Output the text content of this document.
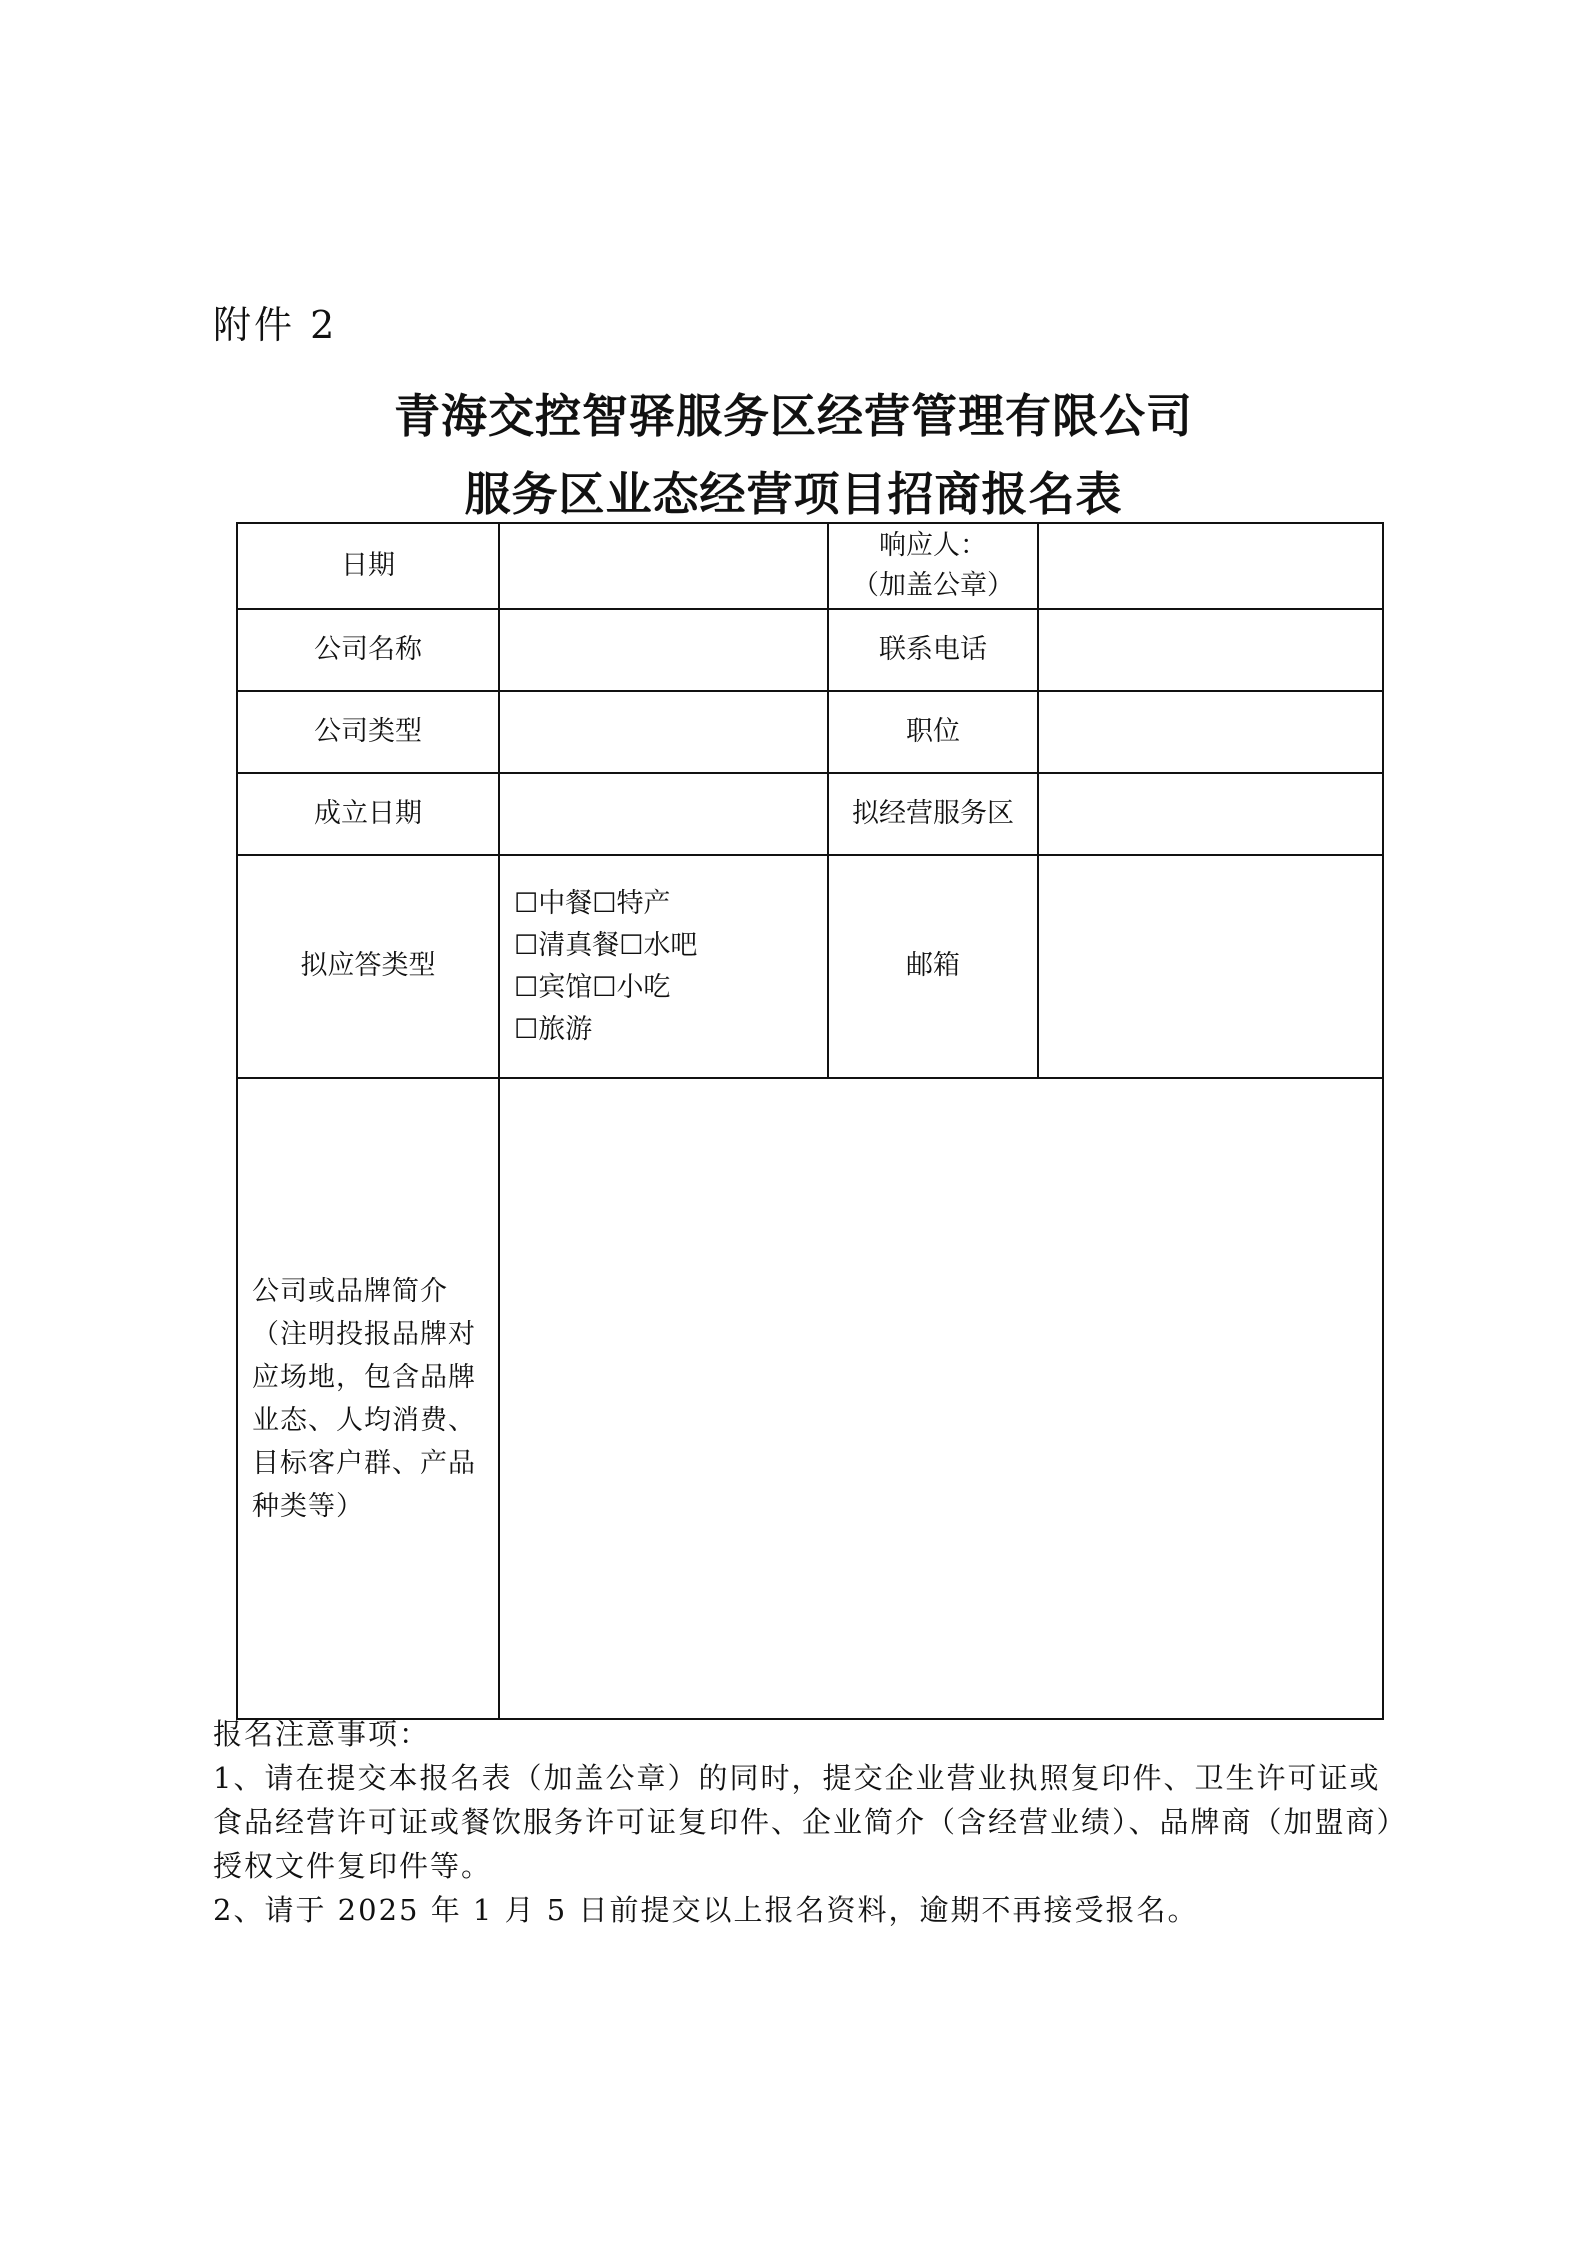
附件 2
青海交控智驿服务区经营管理有限公司
服务区业态经营项目招商报名表
日期		响应人：
（加盖公章）	

公司名称		联系电话	
公司类型		职位	
成立日期		拟经营服务区	
拟应答类型	☐中餐☐特产
☐清真餐☐水吧
☐宾馆☐小吃
☐旅游	邮箱	
公司或品牌简介（注明投报品牌对应场地，包含品牌业态、人均消费、目标客户群、产品种类等）			

报名注意事项：

1、请在提交本报名表（加盖公章）的同时，提交企业营业执照复印件、卫生许可证或食品经营许可证或餐饮服务许可证复印件、企业简介（含经营业绩）、品牌商（加盟商）授权文件复印件等。

2、请于 2025 年 1 月 5 日前提交以上报名资料，逾期不再接受报名。
